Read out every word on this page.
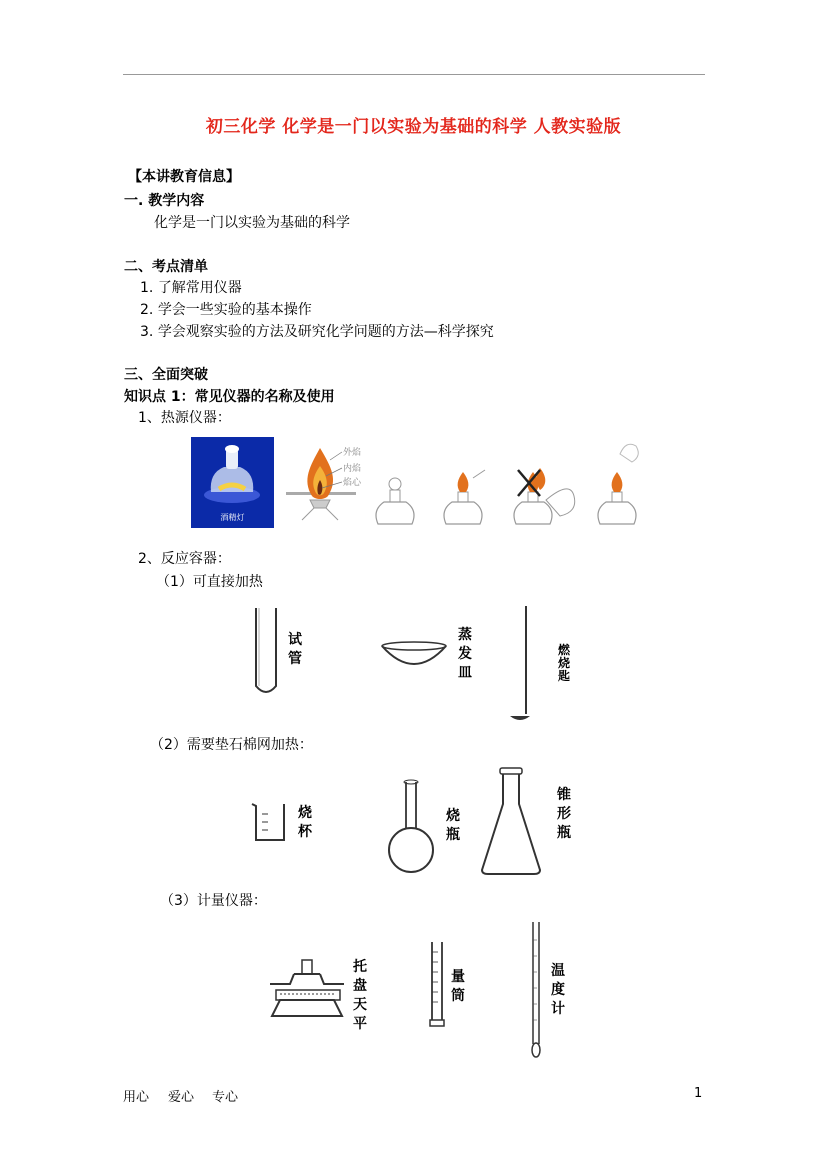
初三化学 化学是一门以实验为基础的科学 人教实验版
【本讲教育信息】
一. 教学内容
化学是一门以实验为基础的科学
二、考点清单
1. 了解常用仪器
2. 学会一些实验的基本操作
3. 学会观察实验的方法及研究化学问题的方法—科学探究
三、全面突破
知识点 1：常见仪器的名称及使用
1、热源仪器：
酒精灯
外焰
内焰
焰心
2、反应容器：
（1）可直接加热
试管
蒸发皿
燃烧匙
（2）需要垫石棉网加热：
烧杯
烧瓶
锥形瓶
（3）计量仪器：
托盘天平
量筒
温度计
用心 爱心 专心	1
